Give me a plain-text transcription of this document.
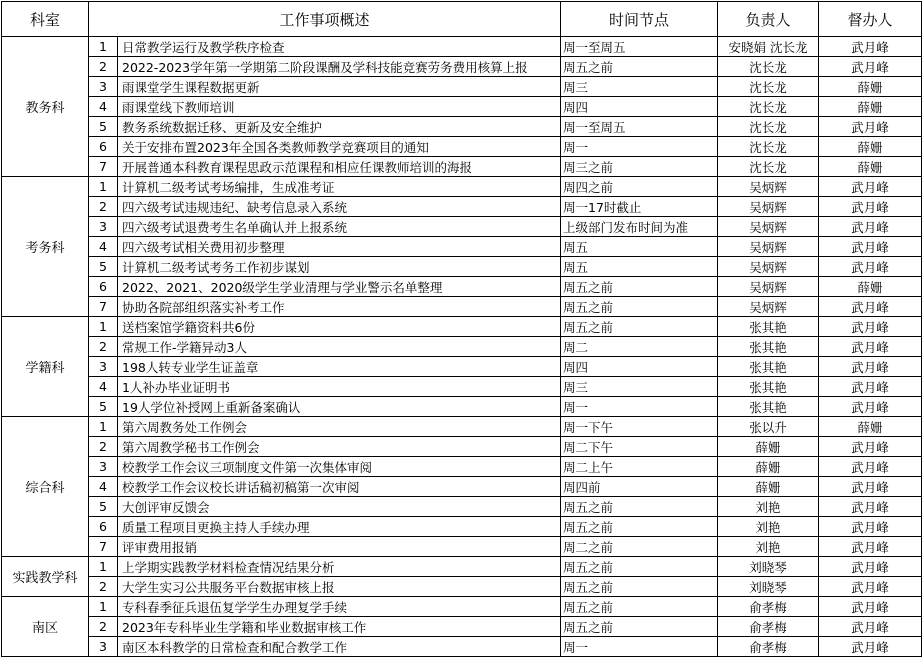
科室	工作事项概述		时间节点	负责人	督办人
教务科	1	日常教学运行及教学秩序检查	周一至周五	安晓娟 沈长龙	武月峰
	2	2022-2023学年第一学期第二阶段课酬及学科技能竞赛劳务费用核算上报	周五之前	沈长龙	武月峰
	3	雨课堂学生课程数据更新	周三	沈长龙	薛姗
	4	雨课堂线下教师培训	周四	沈长龙	薛姗
	5	教务系统数据迁移、更新及安全维护	周一至周五	沈长龙	武月峰
	6	关于安排布置2023年全国各类教师教学竞赛项目的通知	周一	沈长龙	薛姗
	7	开展普通本科教育课程思政示范课程和相应任课教师培训的海报	周三之前	沈长龙	薛姗
考务科	1	计算机二级考试考场编排，生成准考证	周四之前	吴炳辉	武月峰
	2	四六级考试违规违纪、缺考信息录入系统	周一17时截止	吴炳辉	武月峰
	3	四六级考试退费考生名单确认并上报系统	上级部门发布时间为准	吴炳辉	武月峰
	4	四六级考试相关费用初步整理	周五	吴炳辉	武月峰
	5	计算机二级考试考务工作初步谋划	周五	吴炳辉	武月峰
	6	2022、2021、2020级学生学业清理与学业警示名单整理	周五之前	吴炳辉	薛姗
	7	协助各院部组织落实补考工作	周五之前	吴炳辉	武月峰
学籍科	1	送档案馆学籍资料共6份	周五之前	张其艳	武月峰
	2	常规工作-学籍异动3人	周二	张其艳	武月峰
	3	198人转专业学生证盖章	周四	张其艳	武月峰
	4	1人补办毕业证明书	周三	张其艳	武月峰
	5	19人学位补授网上重新备案确认	周一	张其艳	武月峰
综合科	1	第六周教务处工作例会	周一下午	张以升	薛姗
	2	第六周教学秘书工作例会	周二下午	薛姗	武月峰
	3	校教学工作会议三项制度文件第一次集体审阅	周二上午	薛姗	武月峰
	4	校教学工作会议校长讲话稿初稿第一次审阅	周四前	薛姗	武月峰
	5	大创评审反馈会	周五之前	刘艳	武月峰
	6	质量工程项目更换主持人手续办理	周五之前	刘艳	武月峰
	7	评审费用报销	周二之前	刘艳	武月峰
实践教学科	1	上学期实践教学材料检查情况结果分析	周五之前	刘晓琴	武月峰
	2	大学生实习公共服务平台数据审核上报	周五之前	刘晓琴	武月峰
南区	1	专科春季征兵退伍复学学生办理复学手续	周五之前	俞孝梅	武月峰
	2	2023年专科毕业生学籍和毕业数据审核工作	周五之前	俞孝梅	武月峰
	3	南区本科教学的日常检查和配合教学工作	周一	俞孝梅	武月峰
